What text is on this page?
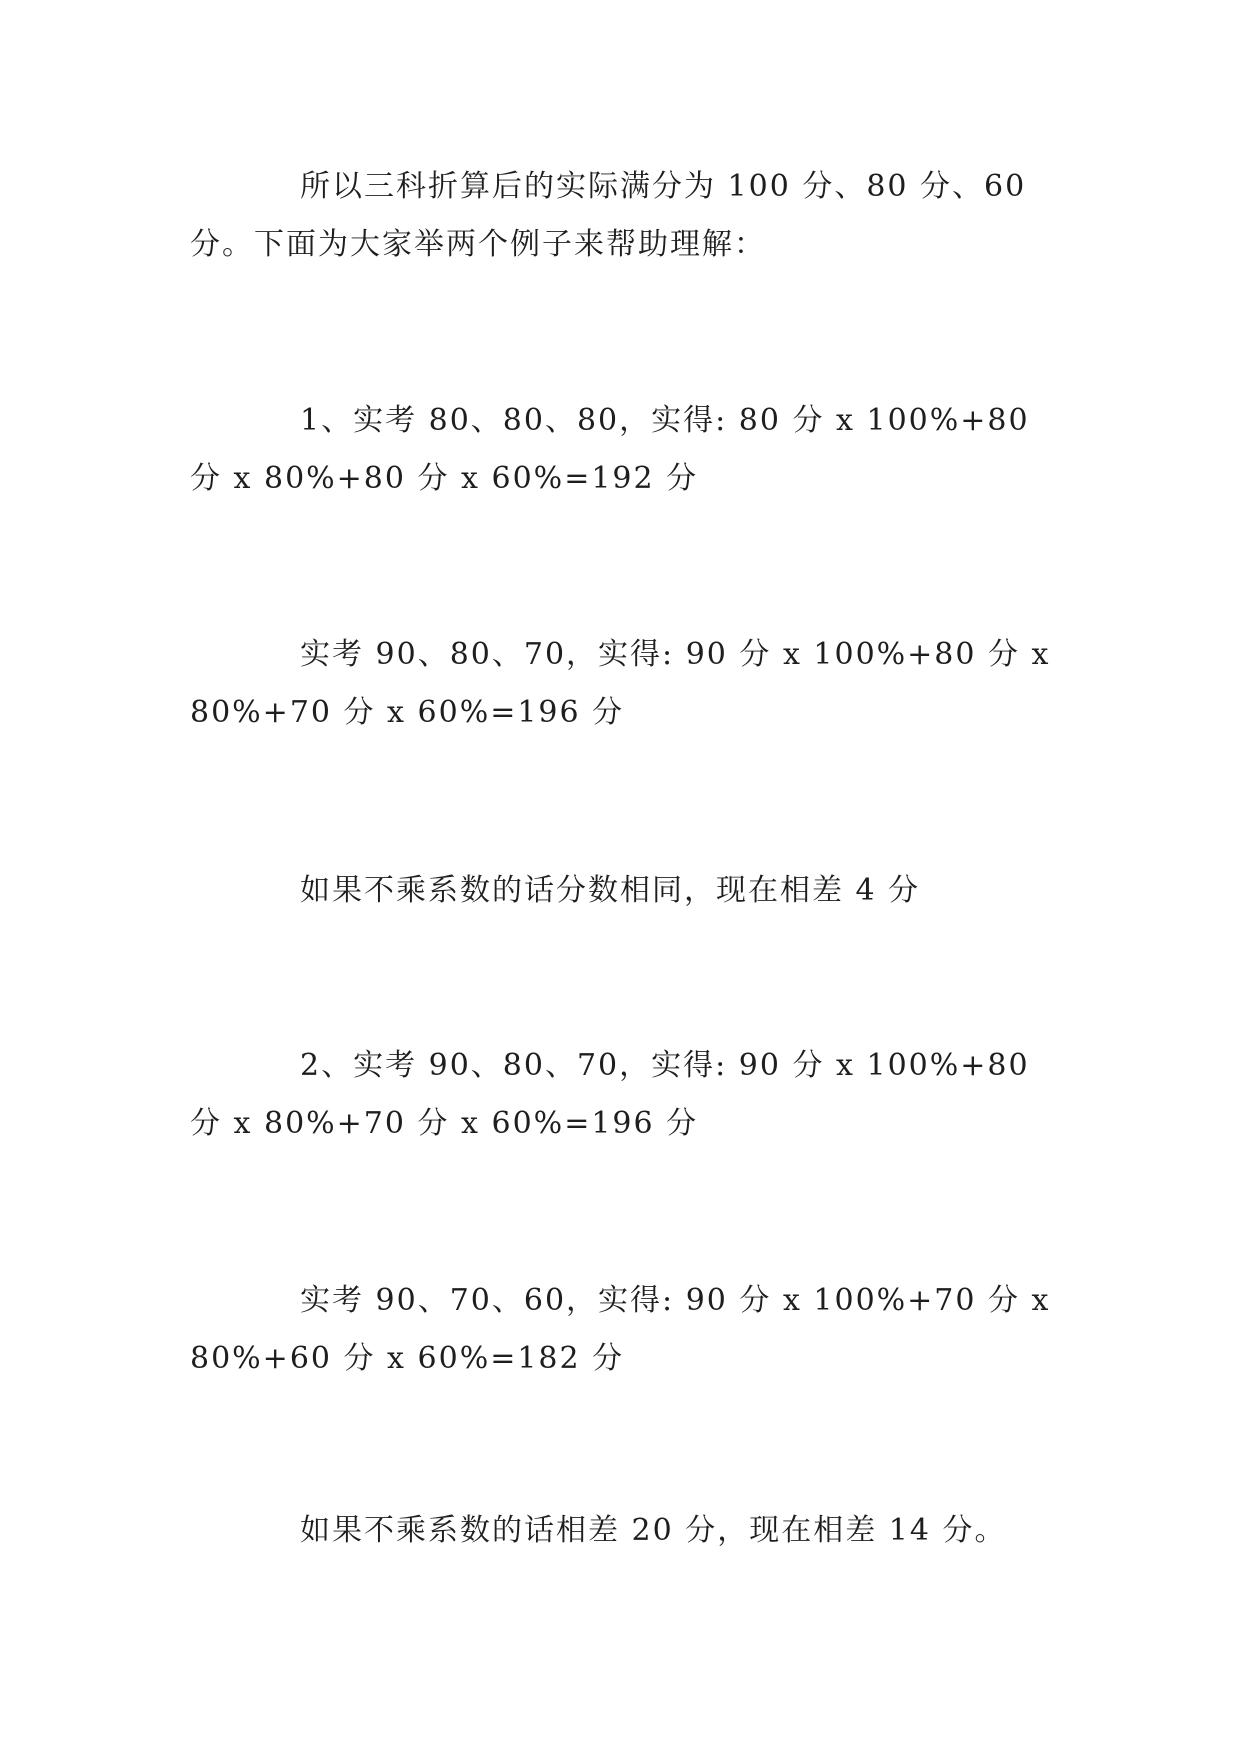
所以三科折算后的实际满分为 100 分、80 分、60 分。下面为大家举两个例子来帮助理解：

1、实考 80、80、80，实得: 80 分 x 100%+80 分 x 80%+80 分 x 60%=192 分

实考 90、80、70，实得: 90 分 x 100%+80 分 x 80%+70 分 x 60%=196 分

如果不乘系数的话分数相同，现在相差 4 分

2、实考 90、80、70，实得: 90 分 x 100%+80 分 x 80%+70 分 x 60%=196 分

实考 90、70、60，实得: 90 分 x 100%+70 分 x 80%+60 分 x 60%=182 分

如果不乘系数的话相差 20 分，现在相差 14 分。
